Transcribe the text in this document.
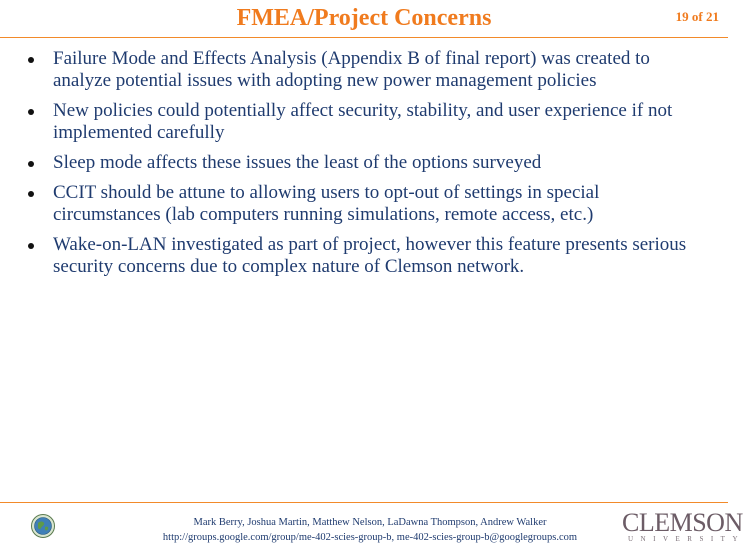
FMEA/Project Concerns	19 of 21
Failure Mode and Effects Analysis (Appendix B of final report) was created to analyze potential issues with adopting new power management policies
New policies could potentially affect security, stability, and user experience if not implemented carefully
Sleep mode affects these issues the least of the options surveyed
CCIT should be attune to allowing users to opt-out of settings in special circumstances (lab computers running simulations, remote access, etc.)
Wake-on-LAN investigated as part of project, however this feature presents serious security concerns due to complex nature of Clemson network.
Mark Berry, Joshua Martin, Matthew Nelson, LaDawna Thompson, Andrew Walker
http://groups.google.com/group/me-402-scies-group-b, me-402-scies-group-b@googlegroups.com
CLEMSON
UNIVERSITY
